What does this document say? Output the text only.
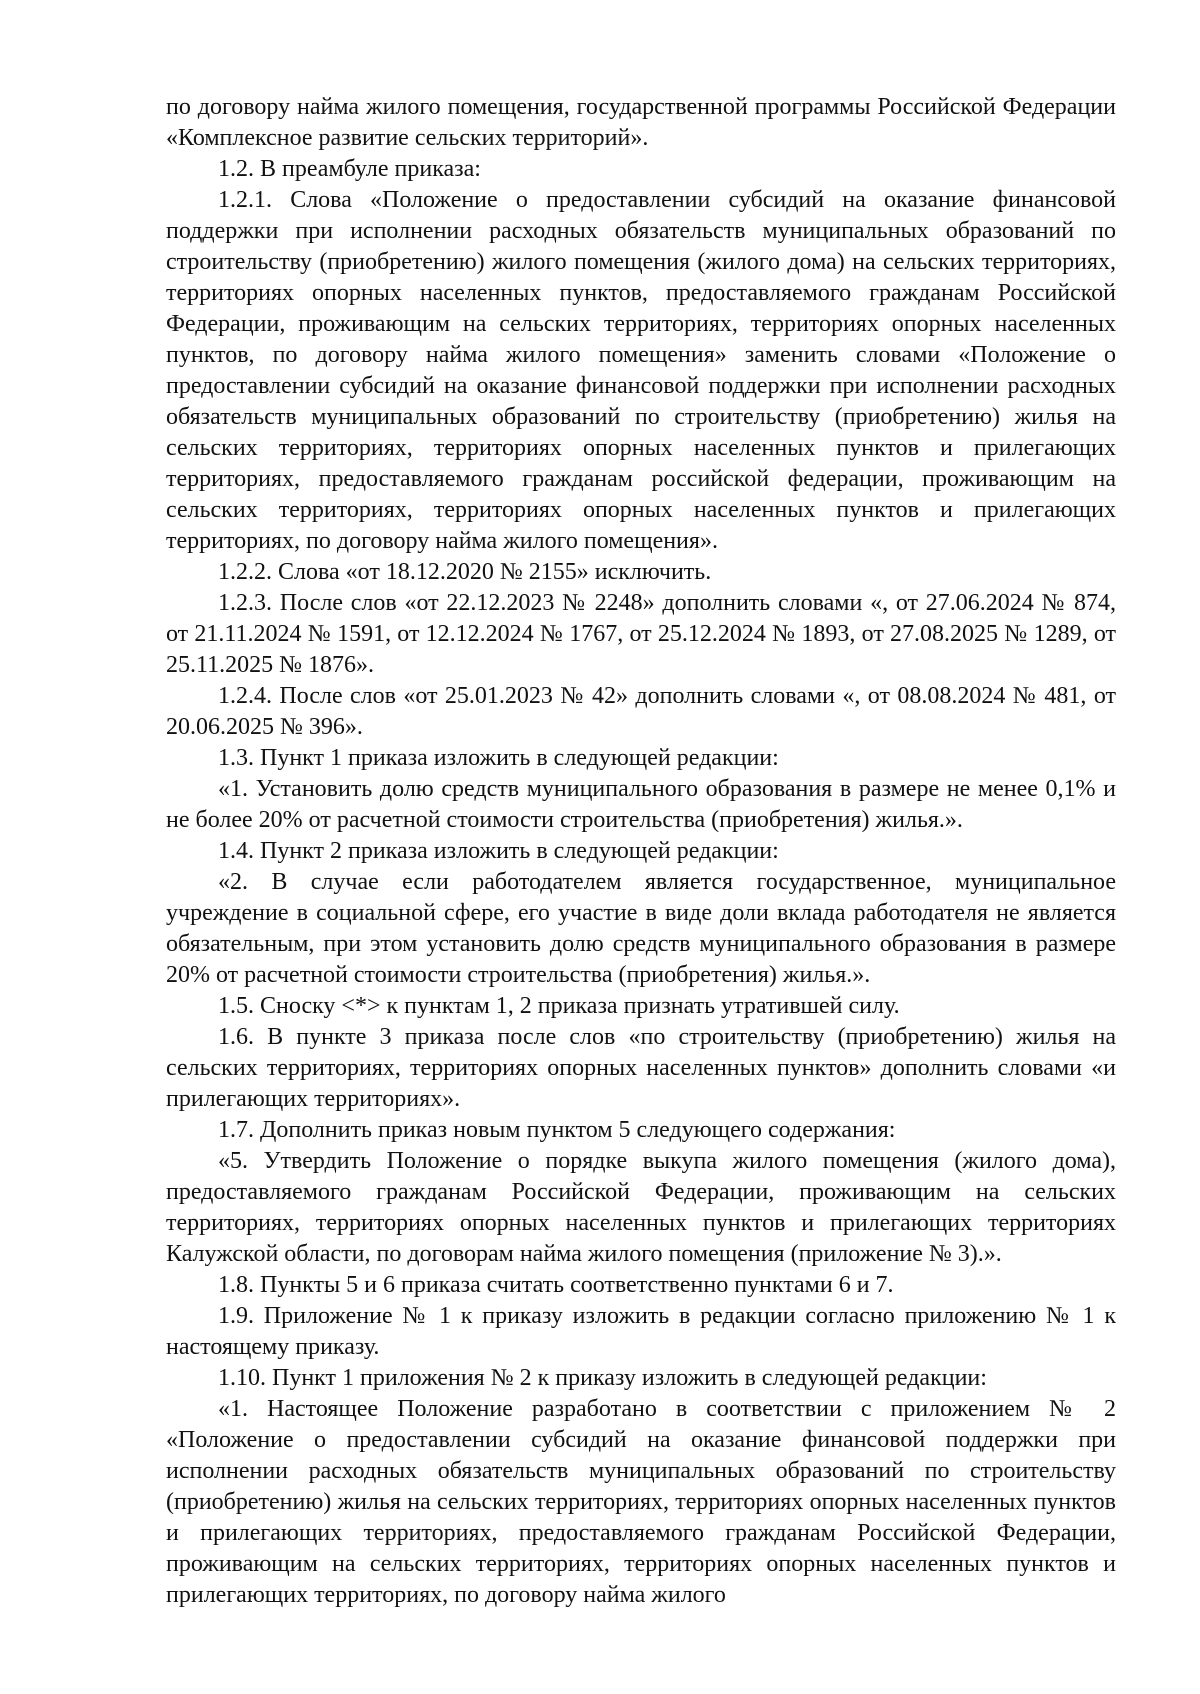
по договору найма жилого помещения, государственной программы Российской Федерации «Комплексное развитие сельских территорий».

1.2. В преамбуле приказа:

1.2.1. Слова «Положение о предоставлении субсидий на оказание финансовой поддержки при исполнении расходных обязательств муниципальных образований по строительству (приобретению) жилого помещения (жилого дома) на сельских территориях, территориях опорных населенных пунктов, предоставляемого гражданам Российской Федерации, проживающим на сельских территориях, территориях опорных населенных пунктов, по договору найма жилого помещения» заменить словами «Положение о предоставлении субсидий на оказание финансовой поддержки при исполнении расходных обязательств муниципальных образований по строительству (приобретению) жилья на сельских территориях, территориях опорных населенных пунктов и прилегающих территориях, предоставляемого гражданам российской федерации, проживающим на сельских территориях, территориях опорных населенных пунктов и прилегающих территориях, по договору найма жилого помещения».

1.2.2. Слова «от 18.12.2020 № 2155» исключить.

1.2.3. После слов «от 22.12.2023 № 2248» дополнить словами «, от 27.06.2024 № 874, от 21.11.2024 № 1591, от 12.12.2024 № 1767, от 25.12.2024 № 1893, от 27.08.2025 № 1289, от 25.11.2025 № 1876».

1.2.4. После слов «от 25.01.2023 № 42» дополнить словами «, от 08.08.2024 № 481, от 20.06.2025 № 396».

1.3. Пункт 1 приказа изложить в следующей редакции:

«1. Установить долю средств муниципального образования в размере не менее 0,1% и не более 20% от расчетной стоимости строительства (приобретения) жилья.».

1.4. Пункт 2 приказа изложить в следующей редакции:

«2. В случае если работодателем является государственное, муниципальное учреждение в социальной сфере, его участие в виде доли вклада работодателя не является обязательным, при этом установить долю средств муниципального образования в размере 20% от расчетной стоимости строительства (приобретения) жилья.».

1.5. Сноску <*> к пунктам 1, 2 приказа признать утратившей силу.

1.6. В пункте 3 приказа после слов «по строительству (приобретению) жилья на сельских территориях, территориях опорных населенных пунктов» дополнить словами «и прилегающих территориях».

1.7. Дополнить приказ новым пунктом 5 следующего содержания:

«5. Утвердить Положение о порядке выкупа жилого помещения (жилого дома), предоставляемого гражданам Российской Федерации, проживающим на сельских территориях, территориях опорных населенных пунктов и прилегающих территориях Калужской области, по договорам найма жилого помещения (приложение № 3).».

1.8. Пункты 5 и 6 приказа считать соответственно пунктами 6 и 7.

1.9. Приложение № 1 к приказу изложить в редакции согласно приложению № 1 к настоящему приказу.

1.10. Пункт 1 приложения № 2 к приказу изложить в следующей редакции:

«1. Настоящее Положение разработано в соответствии с приложением № 2 «Положение о предоставлении субсидий на оказание финансовой поддержки при исполнении расходных обязательств муниципальных образований по строительству (приобретению) жилья на сельских территориях, территориях опорных населенных пунктов и прилегающих территориях, предоставляемого гражданам Российской Федерации, проживающим на сельских территориях, территориях опорных населенных пунктов и прилегающих территориях, по договору найма жилого
